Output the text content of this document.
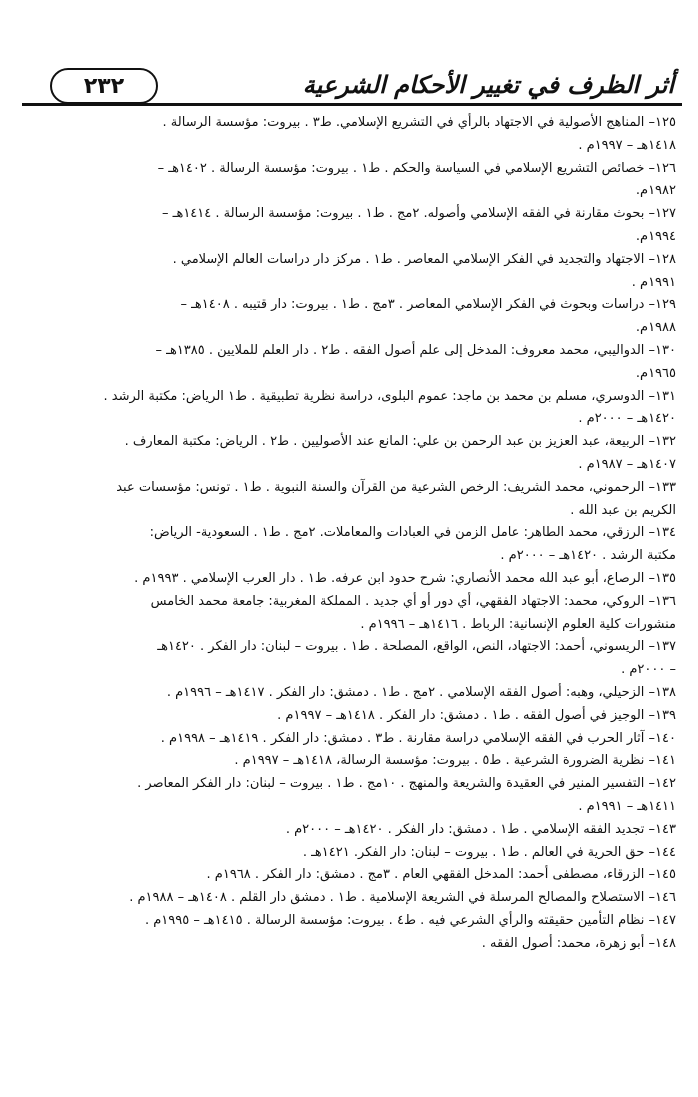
أثر الظرف في تغيير الأحكام الشرعية
٢٣٢
١٢٥– المناهج الأصولية في الاجتهاد بالرأي في التشريع الإسلامي. ط٣ . بيروت: مؤسسة الرسالة .
١٤١٨هـ – ١٩٩٧م .
١٢٦– خصائص التشريع الإسلامي في السياسة والحكم . ط١ . بيروت: مؤسسة الرسالة . ١٤٠٢هـ –
١٩٨٢م.
١٢٧– بحوث مقارنة في الفقه الإسلامي وأصوله. ٢مج . ط١ . بيروت: مؤسسة الرسالة . ١٤١٤هـ –
١٩٩٤م.
١٢٨– الاجتهاد والتجديد في الفكر الإسلامي المعاصر . ط١ . مركز دار دراسات العالم الإسلامي .
١٩٩١م .
١٢٩– دراسات وبحوث في الفكر الإسلامي المعاصر . ٣مج . ط١ . بيروت: دار قتيبه . ١٤٠٨هـ –
١٩٨٨م.
١٣٠– الدواليبي، محمد معروف: المدخل إلى علم أصول الفقه . ط٢ . دار العلم للملايين . ١٣٨٥هـ –
١٩٦٥م.
١٣١– الدوسري، مسلم بن محمد بن ماجد: عموم البلوى، دراسة نظرية تطبيقية . ط١ الرياض: مكتبة الرشد .
١٤٢٠هـ – ٢٠٠٠م .
١٣٢– الربيعة، عبد العزيز بن عبد الرحمن بن علي: المانع عند الأصوليين . ط٢ . الرياض: مكتبة المعارف .
١٤٠٧هـ – ١٩٨٧م .
١٣٣– الرحموني، محمد الشريف: الرخص الشرعية من القرآن والسنة النبوية . ط١ . تونس: مؤسسات عبد
الكريم بن عبد الله .
١٣٤– الرزقي، محمد الطاهر: عامل الزمن في العبادات والمعاملات. ٢مج . ط١ . السعودية- الرياض:
مكتبة الرشد . ١٤٢٠هـ – ٢٠٠٠م .
١٣٥– الرصاع، أبو عبد الله محمد الأنصاري: شرح حدود ابن عرفه. ط١ . دار العرب الإسلامي . ١٩٩٣م .
١٣٦– الروكي، محمد: الاجتهاد الفقهي، أي دور أو أي جديد . المملكة المغربية: جامعة محمد الخامس
منشورات كلية العلوم الإنسانية: الرباط . ١٤١٦هـ – ١٩٩٦م .
١٣٧– الريسوني، أحمد: الاجتهاد، النص، الواقع، المصلحة . ط١ . بيروت – لبنان: دار الفكر . ١٤٢٠هـ
– ٢٠٠٠م .
١٣٨– الزحيلي، وهبه: أصول الفقه الإسلامي . ٢مج . ط١ . دمشق: دار الفكر . ١٤١٧هـ – ١٩٩٦م .
١٣٩– الوجيز في أصول الفقه . ط١ . دمشق: دار الفكر . ١٤١٨هـ – ١٩٩٧م .
١٤٠– آثار الحرب في الفقه الإسلامي دراسة مقارنة . ط٣ . دمشق: دار الفكر . ١٤١٩هـ – ١٩٩٨م .
١٤١– نظرية الضرورة الشرعية . ط٥ . بيروت: مؤسسة الرسالة، ١٤١٨هـ – ١٩٩٧م .
١٤٢– التفسير المنير في العقيدة والشريعة والمنهج . ١٠مج . ط١ . بيروت – لبنان: دار الفكر المعاصر .
١٤١١هـ – ١٩٩١م .
١٤٣– تجديد الفقه الإسلامي . ط١ . دمشق: دار الفكر . ١٤٢٠هـ – ٢٠٠٠م .
١٤٤– حق الحرية في العالم . ط١ . بيروت – لبنان: دار الفكر. ١٤٢١هـ .
١٤٥– الزرقاء، مصطفى أحمد: المدخل الفقهي العام . ٣مج . دمشق: دار الفكر . ١٩٦٨م .
١٤٦– الاستصلاح والمصالح المرسلة في الشريعة الإسلامية . ط١ . دمشق دار القلم . ١٤٠٨هـ – ١٩٨٨م .
١٤٧– نظام التأمين حقيقته والرأي الشرعي فيه . ط٤ . بيروت: مؤسسة الرسالة . ١٤١٥هـ – ١٩٩٥م .
١٤٨– أبو زهرة، محمد: أصول الفقه .
